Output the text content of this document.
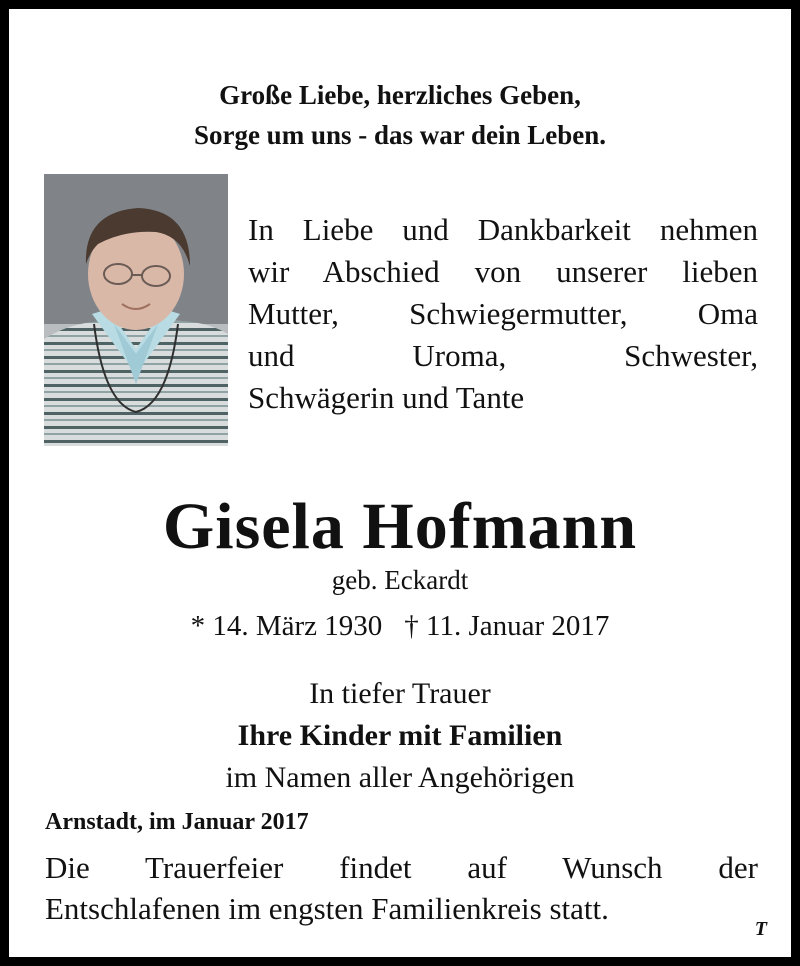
Große Liebe, herzliches Geben,
Sorge um uns - das war dein Leben.
In Liebe und Dankbarkeit nehmen
wir Abschied von unserer lieben
Mutter, Schwiegermutter, Oma
und Uroma, Schwester,
Schwägerin und Tante
Gisela Hofmann
geb. Eckardt
* 14. März 1930 † 11. Januar 2017
In tiefer Trauer
Ihre Kinder mit Familien
im Namen aller Angehörigen
Arnstadt, im Januar 2017
Die Trauerfeier findet auf Wunsch der
Entschlafenen im engsten Familienkreis statt.
T
